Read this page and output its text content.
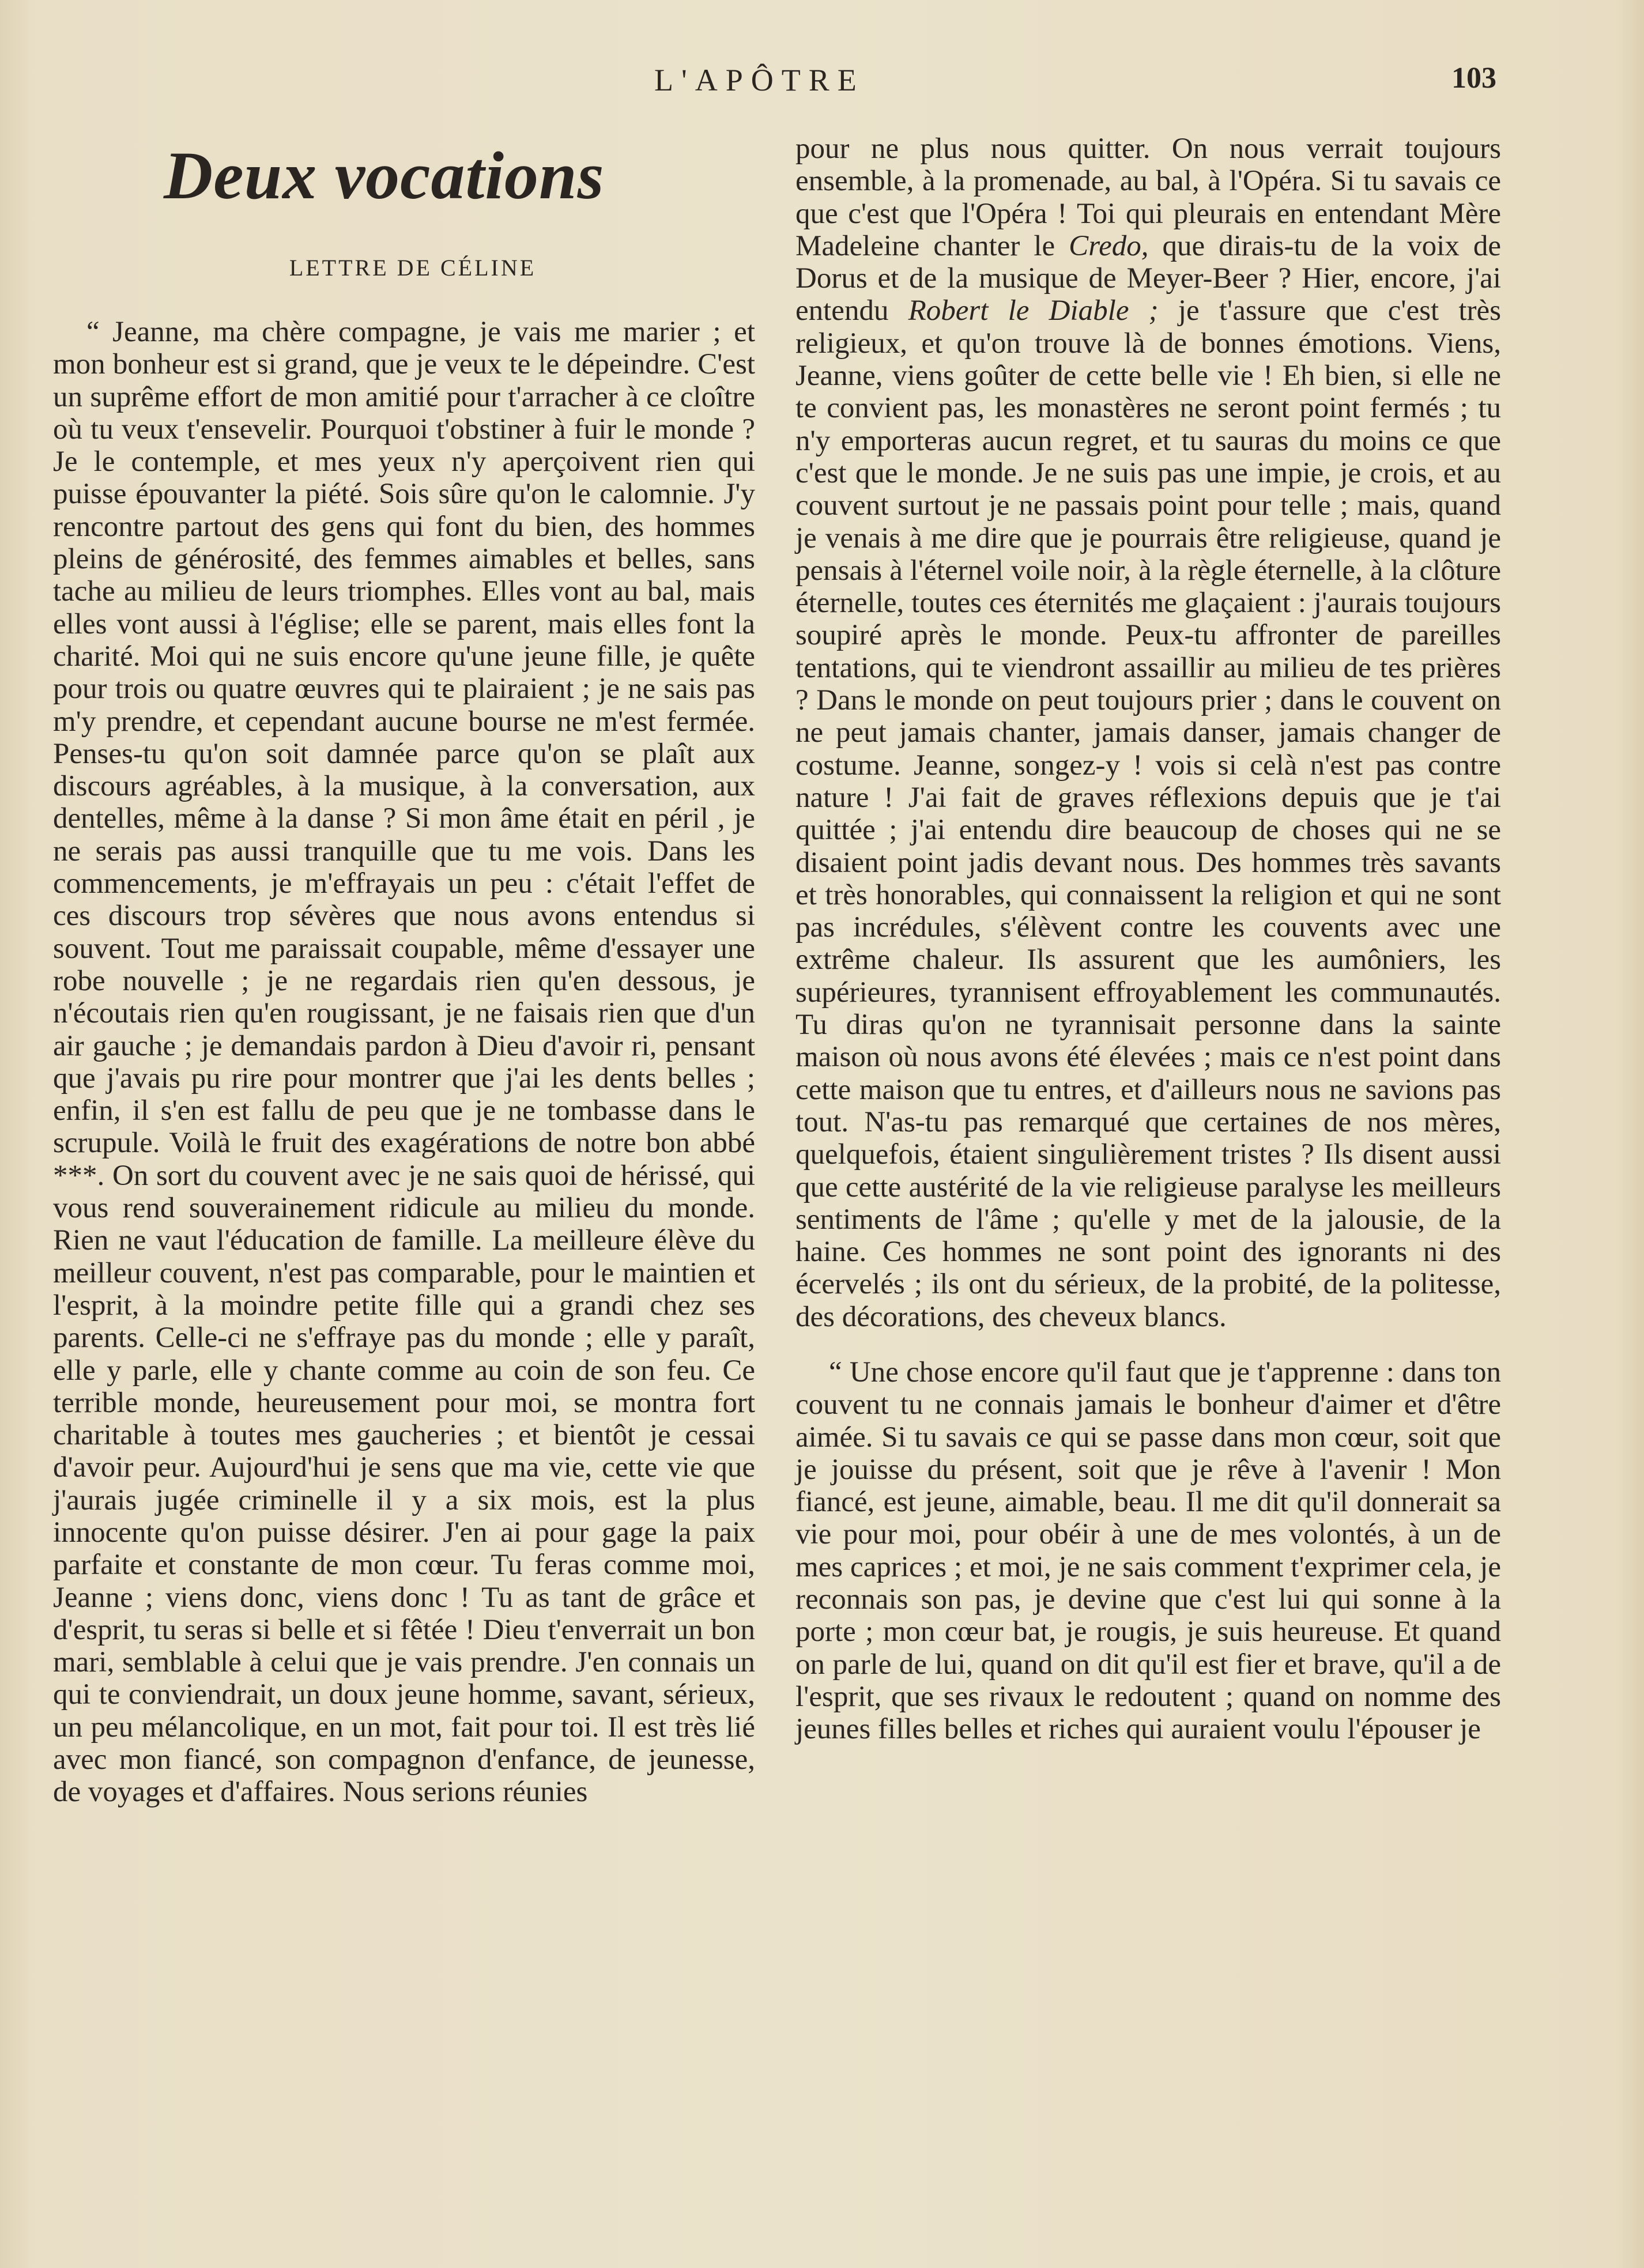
L'APÔTRE	103
Deux vocations
LETTRE DE CÉLINE

“ Jeanne, ma chère compagne, je vais me marier ; et mon bonheur est si grand, que je veux te le dépeindre. C'est un suprême effort de mon amitié pour t'arracher à ce cloître où tu veux t'ensevelir. Pourquoi t'obstiner à fuir le monde ? Je le contemple, et mes yeux n'y aperçoivent rien qui puisse épouvanter la piété. Sois sûre qu'on le calomnie. J'y rencontre partout des gens qui font du bien, des hommes pleins de générosité, des femmes aimables et belles, sans tache au milieu de leurs triomphes. Elles vont au bal, mais elles vont aussi à l'église; elle se parent, mais elles font la charité. Moi qui ne suis encore qu'une jeune fille, je quête pour trois ou quatre œuvres qui te plairaient ; je ne sais pas m'y prendre, et cependant aucune bourse ne m'est fermée. Penses-tu qu'on soit damnée parce qu'on se plaît aux discours agréables, à la musique, à la conversation, aux dentelles, même à la danse ? Si mon âme était en péril , je ne serais pas aussi tranquille que tu me vois. Dans les commencements, je m'effrayais un peu : c'était l'effet de ces discours trop sévères que nous avons entendus si souvent. Tout me paraissait coupable, même d'essayer une robe nouvelle ; je ne regardais rien qu'en dessous, je n'écoutais rien qu'en rougissant, je ne faisais rien que d'un air gauche ; je demandais pardon à Dieu d'avoir ri, pensant que j'avais pu rire pour montrer que j'ai les dents belles ; enfin, il s'en est fallu de peu que je ne tombasse dans le scrupule. Voilà le fruit des exagérations de notre bon abbé ***. On sort du couvent avec je ne sais quoi de hérissé, qui vous rend souverainement ridicule au milieu du monde. Rien ne vaut l'éducation de famille. La meilleure élève du meilleur couvent, n'est pas comparable, pour le maintien et l'esprit, à la moindre petite fille qui a grandi chez ses parents. Celle-ci ne s'effraye pas du monde ; elle y paraît, elle y parle, elle y chante comme au coin de son feu. Ce terrible monde, heureusement pour moi, se montra fort charitable à toutes mes gaucheries ; et bientôt je cessai d'avoir peur. Aujourd'hui je sens que ma vie, cette vie que j'aurais jugée criminelle il y a six mois, est la plus innocente qu'on puisse désirer. J'en ai pour gage la paix parfaite et constante de mon cœur. Tu feras comme moi, Jeanne ; viens donc, viens donc ! Tu as tant de grâce et d'esprit, tu seras si belle et si fêtée ! Dieu t'enverrait un bon mari, semblable à celui que je vais prendre. J'en connais un qui te conviendrait, un doux jeune homme, savant, sérieux, un peu mélancolique, en un mot, fait pour toi. Il est très lié avec mon fiancé, son compagnon d'enfance, de jeunesse, de voyages et d'affaires. Nous serions réunies

pour ne plus nous quitter. On nous verrait toujours ensemble, à la promenade, au bal, à l'Opéra. Si tu savais ce que c'est que l'Opéra ! Toi qui pleurais en entendant Mère Madeleine chanter le Credo, que dirais-tu de la voix de Dorus et de la musique de Meyer-Beer ? Hier, encore, j'ai entendu Robert le Diable ; je t'assure que c'est très religieux, et qu'on trouve là de bonnes émotions. Viens, Jeanne, viens goûter de cette belle vie ! Eh bien, si elle ne te convient pas, les monastères ne seront point fermés ; tu n'y emporteras aucun regret, et tu sauras du moins ce que c'est que le monde. Je ne suis pas une impie, je crois, et au couvent surtout je ne passais point pour telle ; mais, quand je venais à me dire que je pourrais être religieuse, quand je pensais à l'éternel voile noir, à la règle éternelle, à la clôture éternelle, toutes ces éternités me glaçaient : j'aurais toujours soupiré après le monde. Peux-tu affronter de pareilles tentations, qui te viendront assaillir au milieu de tes prières ? Dans le monde on peut toujours prier ; dans le couvent on ne peut jamais chanter, jamais danser, jamais changer de costume. Jeanne, songez-y ! vois si celà n'est pas contre nature ! J'ai fait de graves réflexions depuis que je t'ai quittée ; j'ai entendu dire beaucoup de choses qui ne se disaient point jadis devant nous. Des hommes très savants et très honorables, qui connaissent la religion et qui ne sont pas incrédules, s'élèvent contre les couvents avec une extrême chaleur. Ils assurent que les aumôniers, les supérieures, tyrannisent effroyablement les communautés. Tu diras qu'on ne tyrannisait personne dans la sainte maison où nous avons été élevées ; mais ce n'est point dans cette maison que tu entres, et d'ailleurs nous ne savions pas tout. N'as-tu pas remarqué que certaines de nos mères, quelquefois, étaient singulièrement tristes ? Ils disent aussi que cette austérité de la vie religieuse paralyse les meilleurs sentiments de l'âme ; qu'elle y met de la jalousie, de la haine. Ces hommes ne sont point des ignorants ni des écervelés ; ils ont du sérieux, de la probité, de la politesse, des décorations, des cheveux blancs.

“ Une chose encore qu'il faut que je t'apprenne : dans ton couvent tu ne connais jamais le bonheur d'aimer et d'être aimée. Si tu savais ce qui se passe dans mon cœur, soit que je jouisse du présent, soit que je rêve à l'avenir ! Mon fiancé, est jeune, aimable, beau. Il me dit qu'il donnerait sa vie pour moi, pour obéir à une de mes volontés, à un de mes caprices ; et moi, je ne sais comment t'exprimer cela, je reconnais son pas, je devine que c'est lui qui sonne à la porte ; mon cœur bat, je rougis, je suis heureuse. Et quand on parle de lui, quand on dit qu'il est fier et brave, qu'il a de l'esprit, que ses rivaux le redoutent ; quand on nomme des jeunes filles belles et riches qui auraient voulu l'épouser je
